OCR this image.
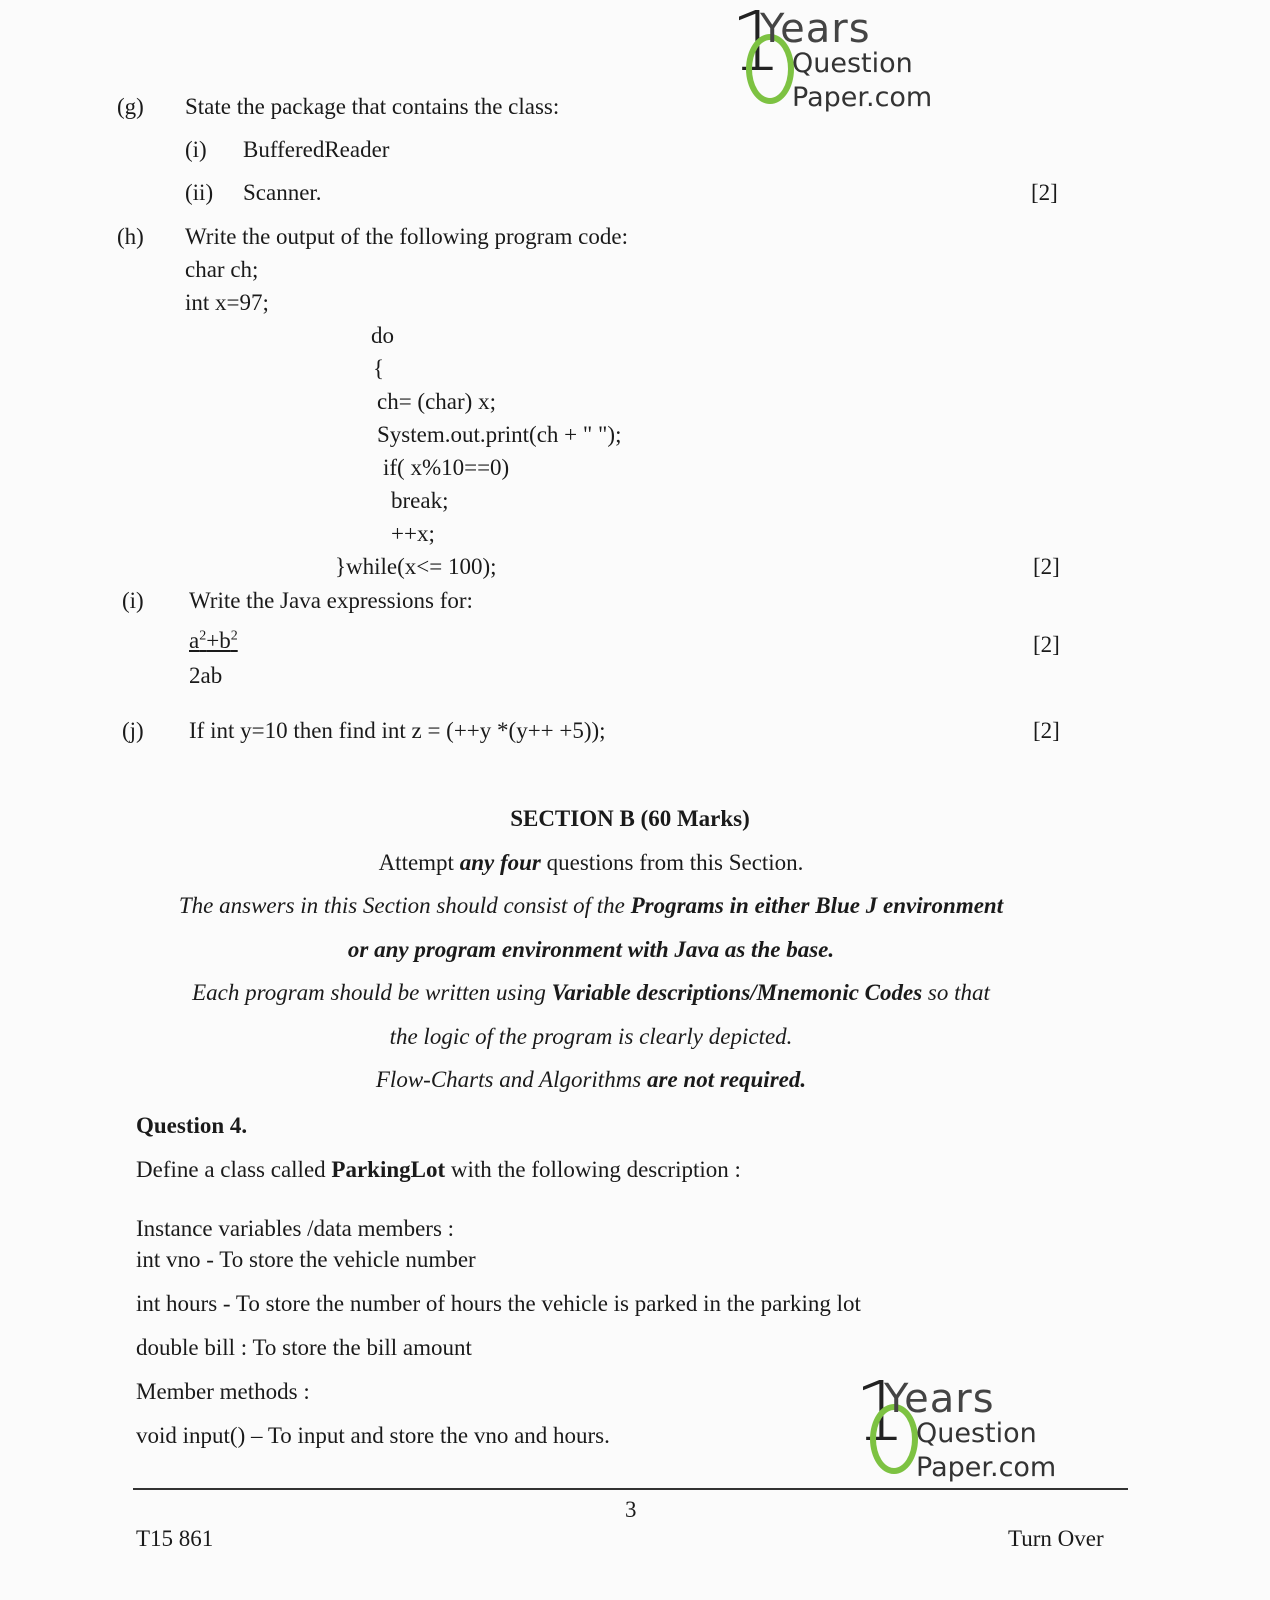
1
Years
Question
Paper.com
(g) State the package that contains the class:
(i) BufferedReader
(ii) Scanner.	[2]
(h) Write the output of the following program code:
char ch;
int x=97;
do
{
ch= (char) x;
System.out.print(ch + " ");
if( x%10==0)
break;
++x;
}while(x<= 100);	[2]
(i) Write the Java expressions for:
$a^2+b^2$
2ab
[2]
(j) If int y=10 then find int z = (++y *(y++ +5));	[2]
SECTION B (60 Marks)
Attempt any four questions from this Section.
The answers in this Section should consist of the Programs in either Blue J environment
or any program environment with Java as the base.
Each program should be written using Variable descriptions/Mnemonic Codes so that
the logic of the program is clearly depicted.
Flow-Charts and Algorithms are not required.
Question 4.
Define a class called ParkingLot with the following description :
Instance variables /data members :
int vno - To store the vehicle number
int hours - To store the number of hours the vehicle is parked in the parking lot
double bill : To store the bill amount
Member methods :
void input() – To input and store the vno and hours.	1
Years
Question
Paper.com
3
T15 861	Turn Over
